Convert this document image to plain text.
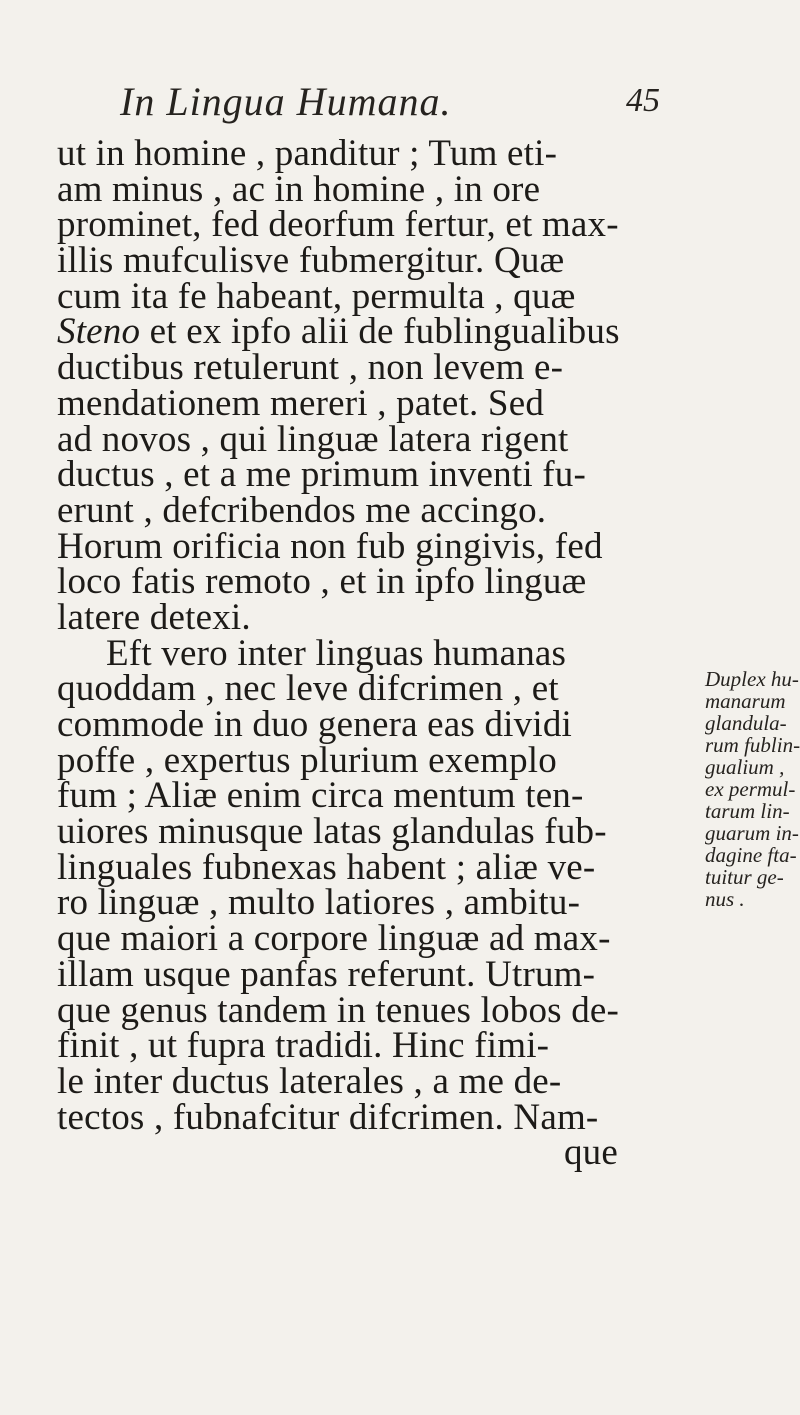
In Lingua Humana.	45
ut in homine , panditur ; Tum eti-
am minus , ac in homine , in ore
prominet, fed deorfum fertur, et max-
illis mufculisve fubmergitur. Quæ
cum ita fe habeant, permulta , quæ
Steno et ex ipfo alii de fublingualibus
ductibus retulerunt , non levem e-
mendationem mereri , patet. Sed
ad novos , qui linguæ latera rigent
ductus , et a me primum inventi fu-
erunt , defcribendos me accingo.
Horum orificia non fub gingivis, fed
loco fatis remoto , et in ipfo linguæ
latere detexi.
Eft vero inter linguas humanas
quoddam , nec leve difcrimen , et
commode in duo genera eas dividi
poffe , expertus plurium exemplo
fum ; Aliæ enim circa mentum ten-
uiores minusque latas glandulas fub-
linguales fubnexas habent ; aliæ ve-
ro linguæ , multo latiores , ambitu-
que maiori a corpore linguæ ad max-
illam usque panfas referunt. Utrum-
que genus tandem in tenues lobos de-
finit , ut fupra tradidi. Hinc fimi-
le inter ductus laterales , a me de-
tectos , fubnafcitur difcrimen. Nam-
que
Duplex hu-
manarum
glandula-
rum fublin-
gualium ,
ex permul-
tarum lin-
guarum in-
dagine fta-
tuitur ge-
nus .
